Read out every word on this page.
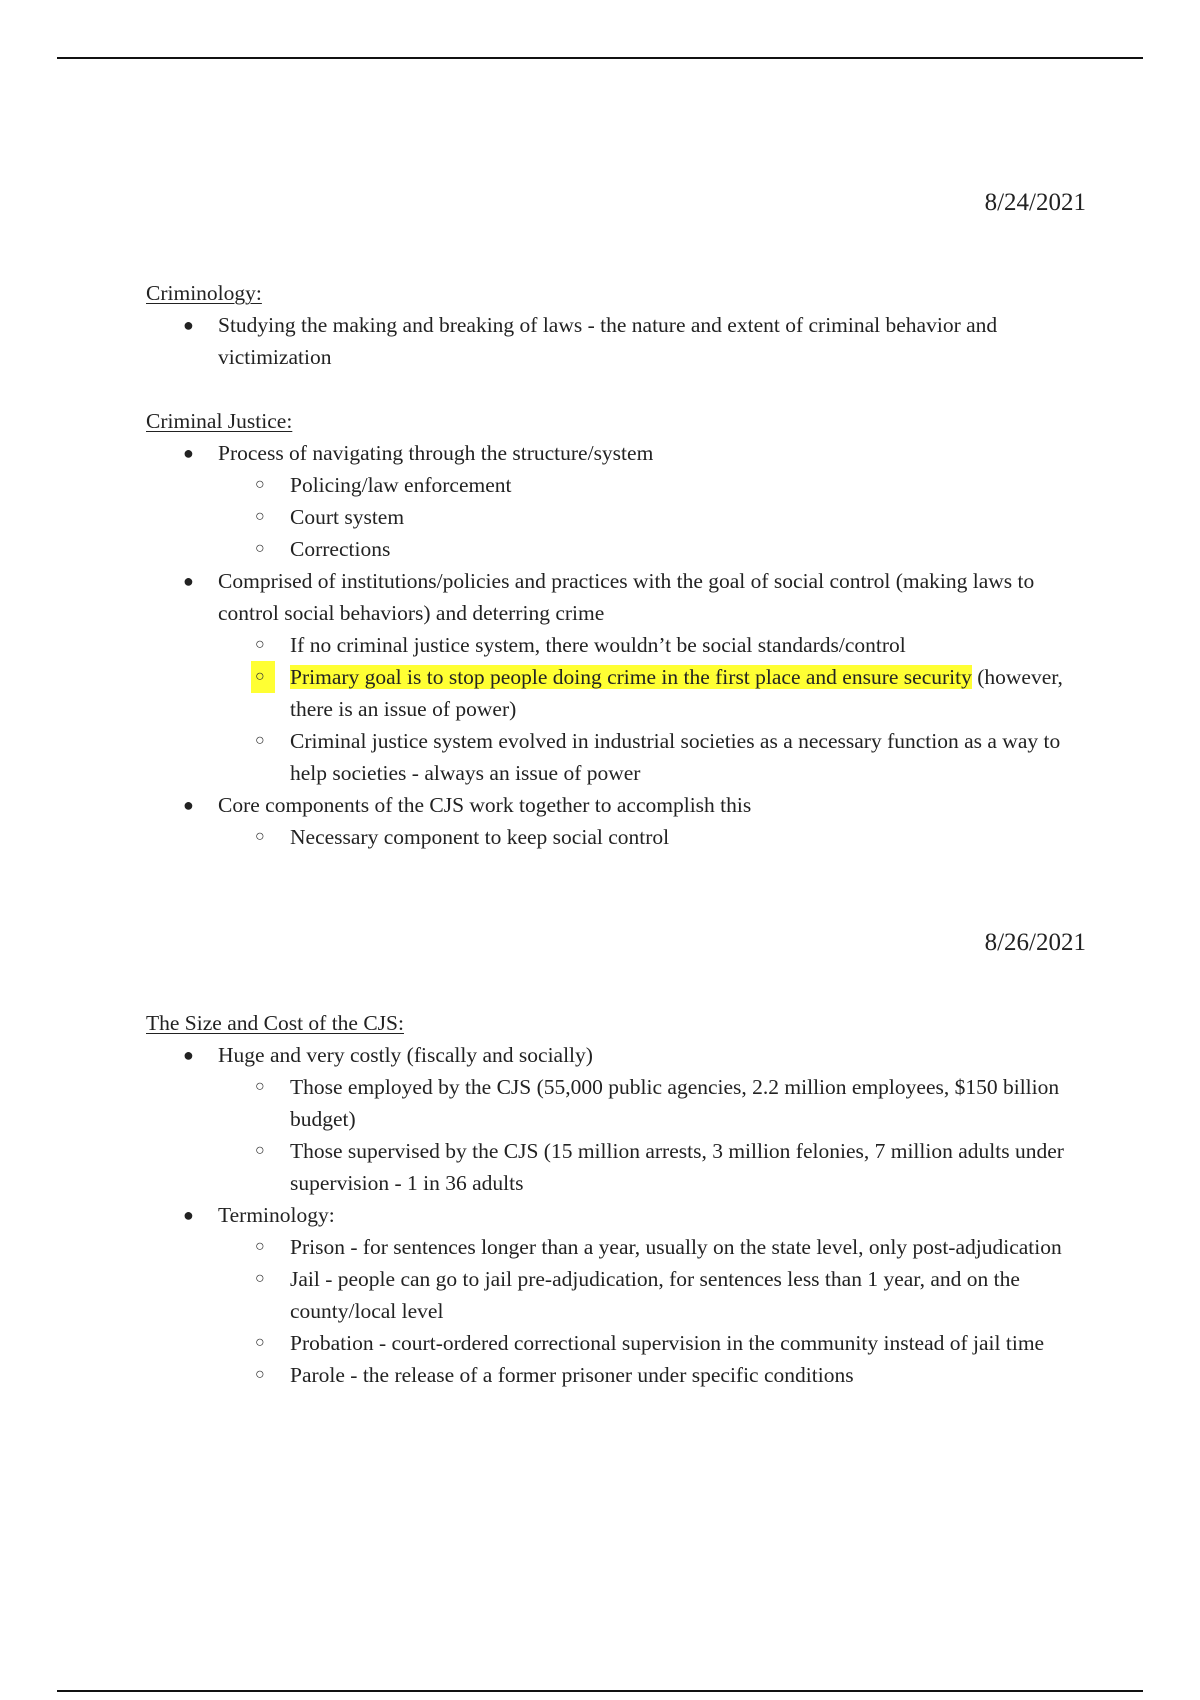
8/24/2021
Criminology:
● Studying the making and breaking of laws - the nature and extent of criminal behavior and victimization
Criminal Justice:
● Process of navigating through the structure/system
○ Policing/law enforcement
○ Court system
○ Corrections
● Comprised of institutions/policies and practices with the goal of social control (making laws to control social behaviors) and deterring crime
○ If no criminal justice system, there wouldn’t be social standards/control
○	Primary goal is to stop people doing crime in the first place and ensure security (however, there is an issue of power)
○ Criminal justice system evolved in industrial societies as a necessary function as a way to help societies - always an issue of power
● Core components of the CJS work together to accomplish this
○ Necessary component to keep social control
8/26/2021
The Size and Cost of the CJS:
● Huge and very costly (fiscally and socially)
○ Those employed by the CJS (55,000 public agencies, 2.2 million employees, $150 billion budget)
○ Those supervised by the CJS (15 million arrests, 3 million felonies, 7 million adults under supervision - 1 in 36 adults
● Terminology:
○ Prison - for sentences longer than a year, usually on the state level, only post-adjudication
○ Jail - people can go to jail pre-adjudication, for sentences less than 1 year, and on the county/local level
○ Probation - court-ordered correctional supervision in the community instead of jail time
○ Parole - the release of a former prisoner under specific conditions
